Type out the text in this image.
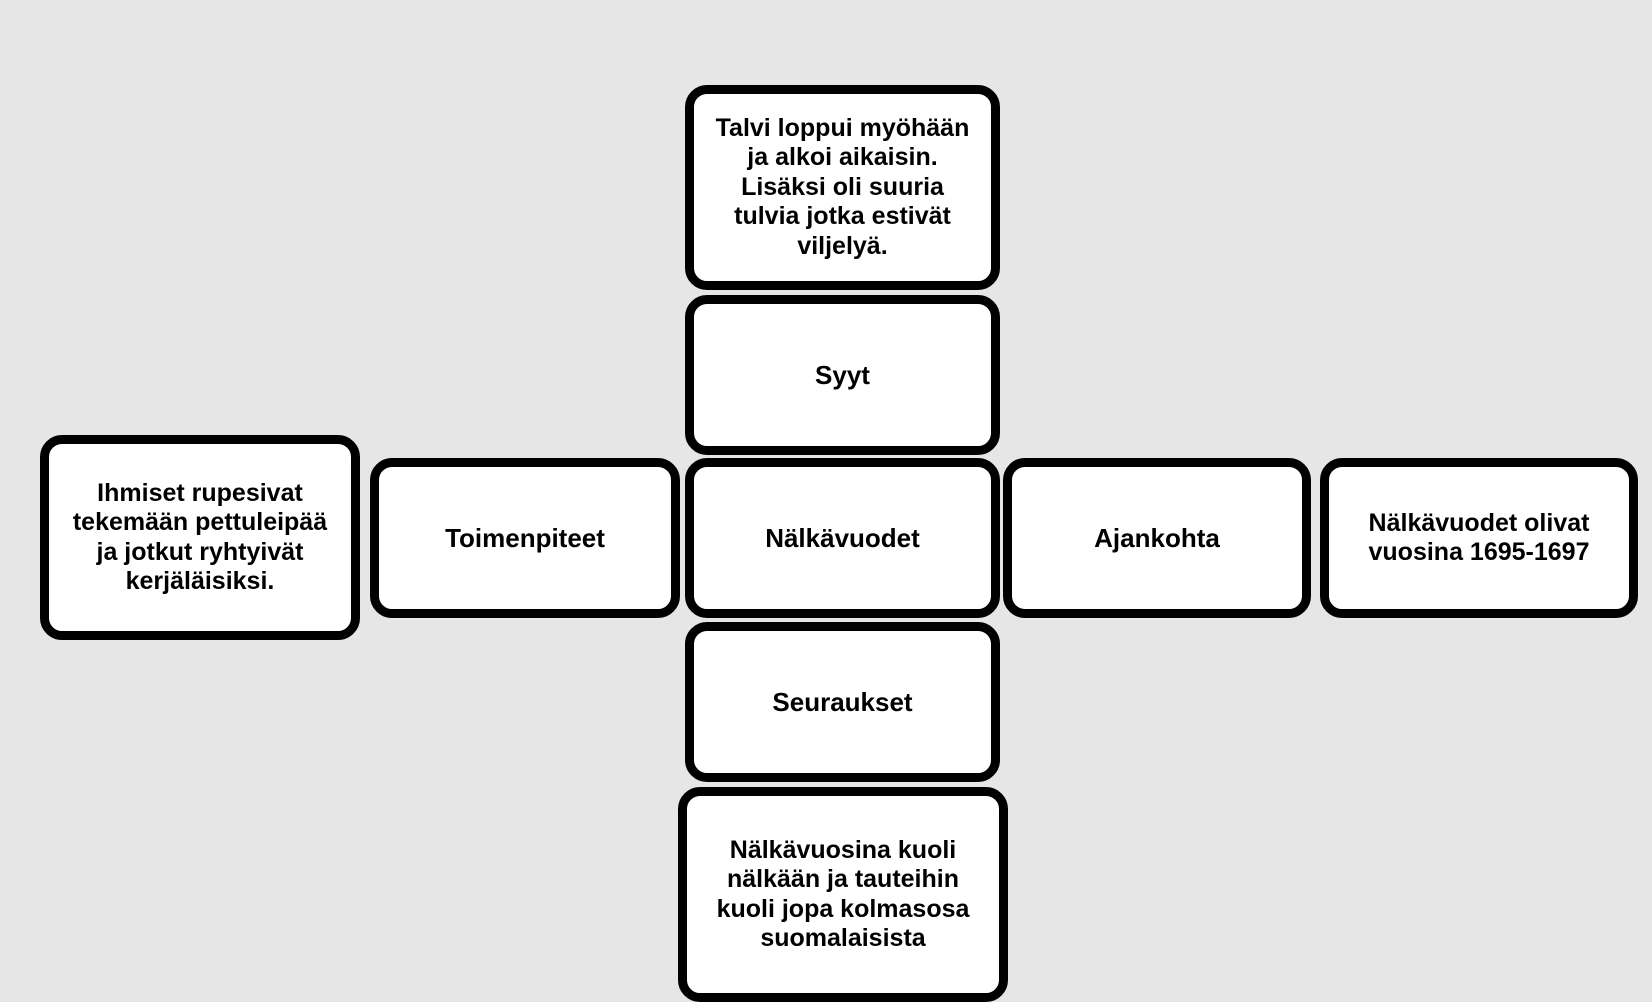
Talvi loppui myöhään ja alkoi aikaisin. Lisäksi oli suuria tulvia jotka estivät viljelyä.
Syyt
Ihmiset rupesivat tekemään pettuleipää ja jotkut ryhtyivät kerjäläisiksi.
Toimenpiteet	Nälkävuodet	Ajankohta
Nälkävuodet olivat vuosina 1695-1697
Seuraukset
Nälkävuosina kuoli nälkään ja tauteihin kuoli jopa kolmasosa suomalaisista
